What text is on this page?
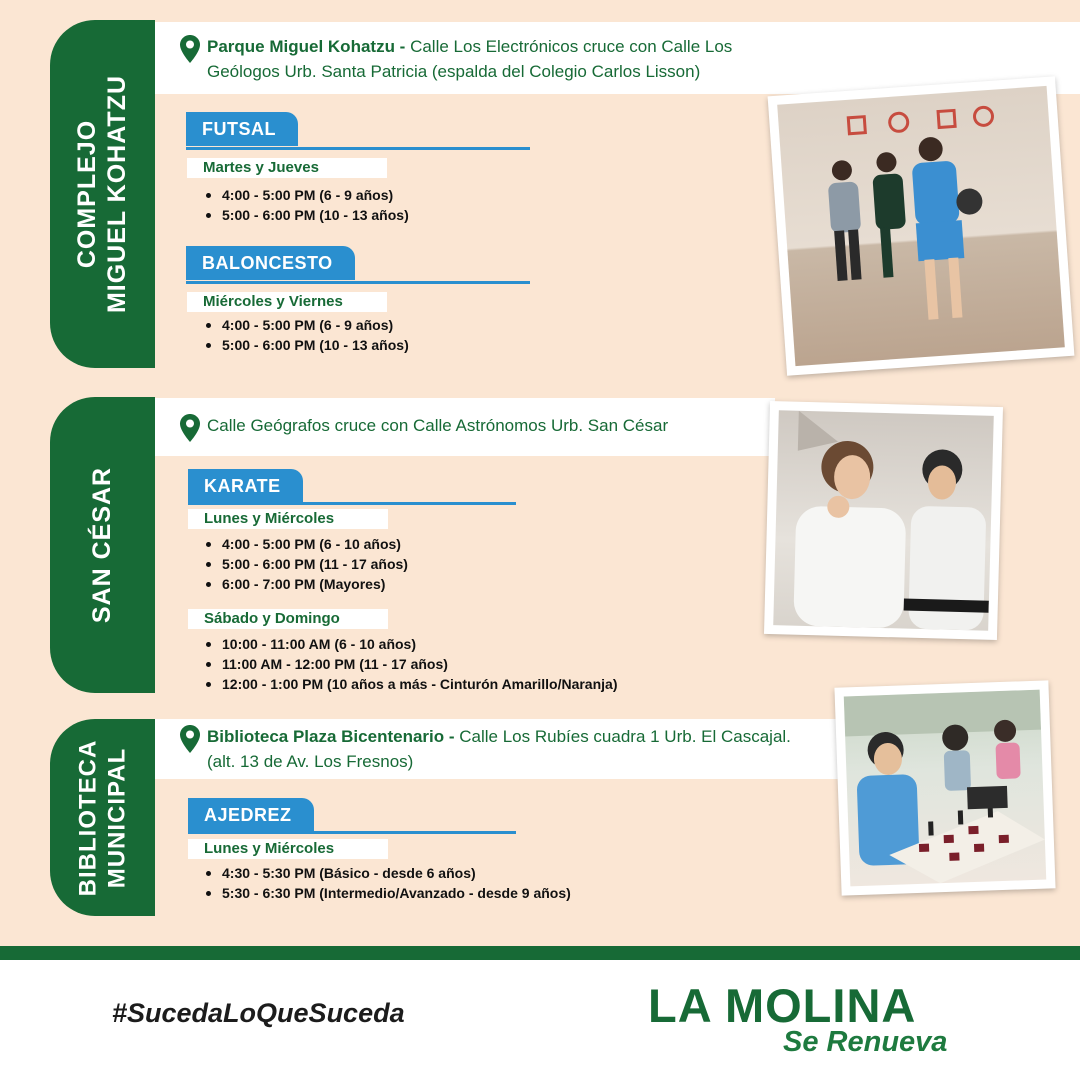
COMPLEJO MIGUEL KOHATZU
Parque Miguel Kohatzu - Calle Los Electrónicos cruce con Calle Los
Geólogos Urb. Santa Patricia (espalda del Colegio Carlos Lisson)
FUTSAL
Martes y Jueves
4:00 - 5:00 PM (6 - 9 años)
5:00 - 6:00 PM (10 - 13 años)
BALONCESTO
Miércoles y Viernes
4:00 - 5:00 PM (6 - 9 años)
5:00 - 6:00 PM (10 - 13 años)
SAN CÉSAR
Calle Geógrafos cruce con Calle Astrónomos Urb. San César
KARATE
Lunes y Miércoles
4:00 - 5:00 PM (6 - 10 años)
5:00 - 6:00 PM (11 - 17 años)
6:00 - 7:00 PM (Mayores)
Sábado y Domingo
10:00 - 11:00 AM (6 - 10 años)
11:00 AM - 12:00 PM (11 - 17 años)
12:00 - 1:00 PM (10 años a más - Cinturón Amarillo/Naranja)
BIBLIOTECA MUNICIPAL
Biblioteca Plaza Bicentenario - Calle Los Rubíes cuadra 1 Urb. El Cascajal.
(alt. 13 de Av. Los Fresnos)
AJEDREZ
Lunes y Miércoles
4:30 - 5:30 PM (Básico - desde 6 años)
5:30 - 6:30 PM (Intermedio/Avanzado - desde 9 años)
#SucedaLoQueSuceda	LA MOLINA
Se Renueva
